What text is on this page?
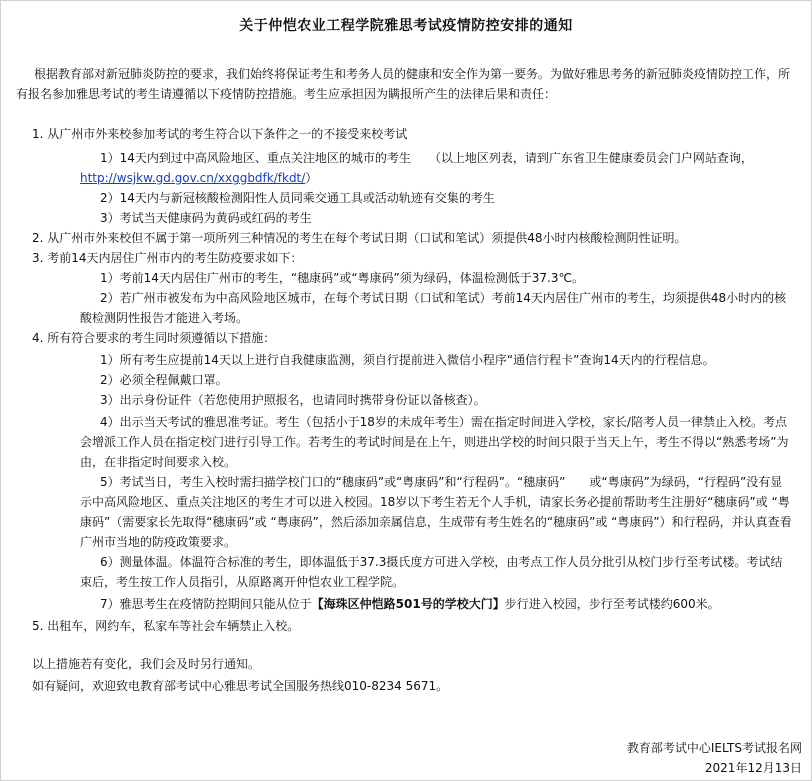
关于仲恺农业工程学院雅思考试疫情防控安排的通知
根据教育部对新冠肺炎防控的要求，我们始终将保证考生和考务人员的健康和安全作为第一要务。为做好雅思考务的新冠肺炎疫情防控工作，所有报名参加雅思考试的考生请遵循以下疫情防控措施。考生应承担因为瞒报所产生的法律后果和责任：
1. 从广州市外来校参加考试的考生符合以下条件之一的不接受来校考试
1）14天内到过中高风险地区、重点关注地区的城市的考生　　（以上地区列表，请到广东省卫生健康委员会门户网站查询，http://wsjkw.gd.gov.cn/xxggbdfk/fkdt/）
2）14天内与新冠核酸检测阳性人员同乘交通工具或活动轨迹有交集的考生
3）考试当天健康码为黄码或红码的考生
2. 从广州市外来校但不属于第一项所列三种情况的考生在每个考试日期（口试和笔试）须提供48小时内核酸检测阴性证明。
3. 考前14天内居住广州市内的考生防疫要求如下：
1）考前14天内居住广州市的考生，“穗康码”或“粤康码”须为绿码，体温检测低于37.3℃。
2）若广州市被发布为中高风险地区城市，在每个考试日期（口试和笔试）考前14天内居住广州市的考生，均须提供48小时内的核酸检测阴性报告才能进入考场。
4. 所有符合要求的考生同时须遵循以下措施：
1）所有考生应提前14天以上进行自我健康监测，须自行提前进入微信小程序“通信行程卡”查询14天内的行程信息。
2）必须全程佩戴口罩。
3）出示身份证件（若您使用护照报名，也请同时携带身份证以备核查）。
4）出示当天考试的雅思准考证。考生（包括小于18岁的未成年考生）需在指定时间进入学校，家长/陪考人员一律禁止入校。考点会增派工作人员在指定校门进行引导工作。若考生的考试时间是在上午，则进出学校的时间只限于当天上午，考生不得以“熟悉考场”为由，在非指定时间要求入校。
5）考试当日，考生入校时需扫描学校门口的“穗康码”或“粤康码”和“行程码”。“穗康码”　　或“粤康码”为绿码，“行程码”没有显示中高风险地区、重点关注地区的考生才可以进入校园。18岁以下考生若无个人手机，请家长务必提前帮助考生注册好“穗康码”或 “粤康码”（需要家长先取得“穗康码”或 “粤康码”，然后添加亲属信息，生成带有考生姓名的“穗康码”或 “粤康码”）和行程码，并认真查看广州市当地的防疫政策要求。
6）测量体温。体温符合标准的考生，即体温低于37.3摄氏度方可进入学校，由考点工作人员分批引从校门步行至考试楼。考试结束后，考生按工作人员指引，从原路离开仲恺农业工程学院。
7）雅思考生在疫情防控期间只能从位于【海珠区仲恺路501号的学校大门】步行进入校园，步行至考试楼约600米。
5. 出租车，网约车，私家车等社会车辆禁止入校。
以上措施若有变化，我们会及时另行通知。
如有疑问，欢迎致电教育部考试中心雅思考试全国服务热线010-8234 5671。
教育部考试中心IELTS考试报名网
2021年12月13日
